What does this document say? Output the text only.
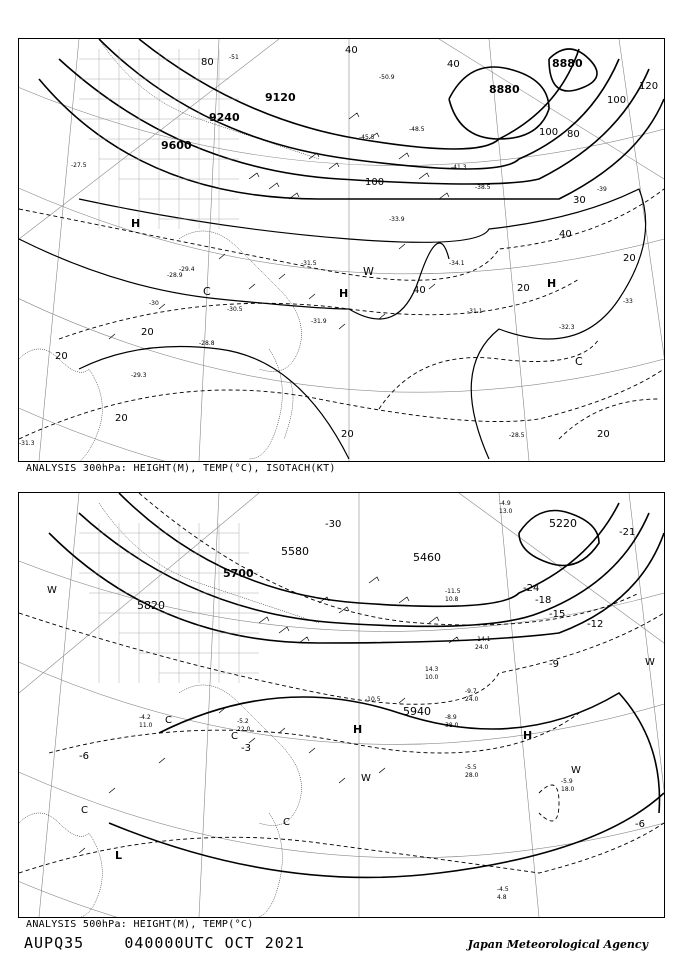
9120
9240
9600
8880
8880
40
80
100
120
100 80
40
30
20
20
20
20
20
20
40
20
40
100
H
H
H
C
C
W
-27.5
-29.4
-28.9
-30.5
-31.5
-31.9
-31.1
-33.9
-34.1
-32.3
-28.5
-38.5
-41.3
-45.5
-51
-50.9
-48.5
-39
-33
-30
-29.3
-31.3
-28.8
ANALYSIS 300hPa: HEIGHT(M), TEMP(°C), ISOTACH(KT)
5820
5700
5580	5460
5220
5940
-30
-24
-18
-15
-12
-9
-6
-3
-6
-21
W
W
W
W
C
C
C
C
H	H
L
-4.9
13.0
-11.5
10.8
-5.5
28.0
-5.9
18.0
-4.5
4.8
-14.1
24.0
-9.7
24.0
-8.9
38.0
-10.5
-4.2
11.0
-5.2
22.0
14.3
10.0
ANALYSIS 500hPa: HEIGHT(M), TEMP(°C)
AUPQ35	040000UTC OCT 2021	Japan Meteorological Agency
